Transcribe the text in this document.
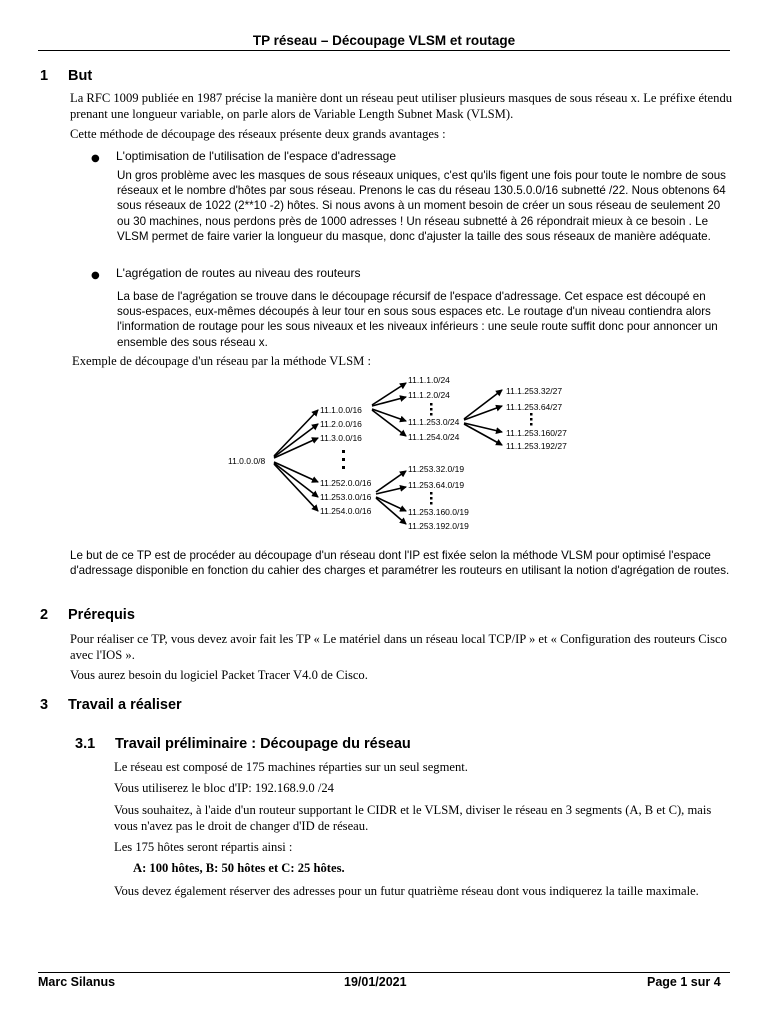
TP réseau – Découpage VLSM et routage
1 But
La RFC 1009 publiée en 1987 précise la manière dont un réseau peut utiliser plusieurs masques de sous réseau x. Le préfixe étendu prenant une longueur variable, on parle alors de Variable Length Subnet Mask (VLSM).
Cette méthode de découpage des réseaux présente deux grands avantages :
● L'optimisation de l'utilisation de l'espace d'adressage
Un gros problème avec les masques de sous réseaux uniques, c'est qu'ils figent une fois pour toute le nombre de sous réseaux et le nombre d'hôtes par sous réseau. Prenons le cas du réseau 130.5.0.0/16 subnetté /22. Nous obtenons 64 sous réseaux de 1022 (2**10 -2) hôtes. Si nous avons à un moment besoin de créer un sous réseau de seulement 20 ou 30 machines, nous perdons près de 1000 adresses ! Un réseau subnetté à 26 répondrait mieux à ce besoin . Le VLSM permet de faire varier la longueur du masque, donc d'ajuster la taille des sous réseaux de manière adéquate.
● L'agrégation de routes au niveau des routeurs
La base de l'agrégation se trouve dans le découpage récursif de l'espace d'adressage. Cet espace est découpé en sous-espaces, eux-mêmes découpés à leur tour en sous sous espaces etc. Le routage d'un niveau contiendra alors l'information de routage pour les sous niveaux et les niveaux inférieurs : une seule route suffit donc pour annoncer un ensemble des sous réseau x.
Exemple de découpage d'un réseau par la méthode VLSM :
11.0.0.0/8
11.1.0.0/16
11.2.0.0/16
11.3.0.0/16
11.252.0.0/16
11.253.0.0/16
11.254.0.0/16
11.1.1.0/24
11.1.2.0/24
11.1.253.0/24
11.1.254.0/24
11.253.32.0/19
11.253.64.0/19
11.253.160.0/19
11.253.192.0/19
11.1.253.32/27
11.1.253.64/27
11.1.253.160/27
11.1.253.192/27
Le but de ce TP est de procéder au découpage d'un réseau dont l'IP est fixée selon la méthode VLSM pour optimisé l'espace d'adressage disponible en fonction du cahier des charges et paramétrer les routeurs en utilisant la notion d'agrégation de routes.
2 Prérequis
Pour réaliser ce TP, vous devez avoir fait les TP « Le matériel dans un réseau local TCP/IP » et « Configuration des routeurs Cisco avec l'IOS ».
Vous aurez besoin du logiciel Packet Tracer V4.0 de Cisco.
3 Travail a réaliser
3.1 Travail préliminaire : Découpage du réseau
Le réseau est composé de 175 machines réparties sur un seul segment.
Vous utiliserez le bloc d'IP: 192.168.9.0 /24
Vous souhaitez, à l'aide d'un routeur supportant le CIDR et le VLSM, diviser le réseau en 3 segments (A, B et C), mais vous n'avez pas le droit de changer d'ID de réseau.
Les 175 hôtes seront répartis ainsi :
A: 100 hôtes, B: 50 hôtes et C: 25 hôtes.
Vous devez également réserver des adresses pour un futur quatrième réseau dont vous indiquerez la taille maximale.
Marc Silanus	19/01/2021	Page 1 sur 4
